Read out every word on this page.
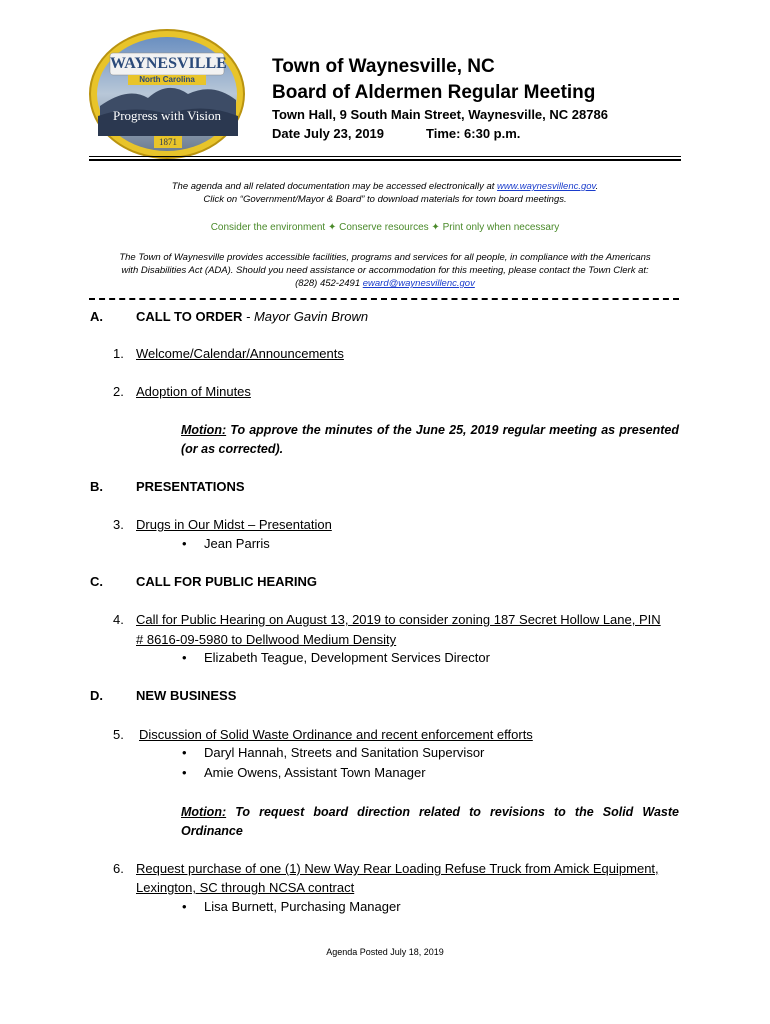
WAYNESVILLE
North Carolina
Progress with Vision
1871
Town of Waynesville, NC
Board of Aldermen Regular Meeting
Town Hall, 9 South Main Street, Waynesville, NC 28786
Date July 23, 2019	Time: 6:30 p.m.
The agenda and all related documentation may be accessed electronically at www.waynesvillenc.gov.
Click on “Government/Mayor & Board” to download materials for town board meetings.
Consider the environment ✦ Conserve resources ✦ Print only when necessary
The Town of Waynesville provides accessible facilities, programs and services for all people, in compliance with the Americans
with Disabilities Act (ADA). Should you need assistance or accommodation for this meeting, please contact the Town Clerk at:
(828) 452-2491 eward@waynesvillenc.gov
A.	CALL TO ORDER - Mayor Gavin Brown
1. Welcome/Calendar/Announcements
2. Adoption of Minutes
Motion: To approve the minutes of the June 25, 2019 regular meeting as presented (or as corrected).
B.	PRESENTATIONS
3. Drugs in Our Midst – Presentation
• Jean Parris
C.	CALL FOR PUBLIC HEARING
4. Call for Public Hearing on August 13, 2019 to consider zoning 187 Secret Hollow Lane, PIN
# 8616-09-5980 to Dellwood Medium Density
• Elizabeth Teague, Development Services Director
D.	NEW BUSINESS
5. Discussion of Solid Waste Ordinance and recent enforcement efforts
• Daryl Hannah, Streets and Sanitation Supervisor
• Amie Owens, Assistant Town Manager
Motion: To request board direction related to revisions to the Solid Waste Ordinance
6. Request purchase of one (1) New Way Rear Loading Refuse Truck from Amick Equipment,
Lexington, SC through NCSA contract
• Lisa Burnett, Purchasing Manager
Agenda Posted July 18, 2019
